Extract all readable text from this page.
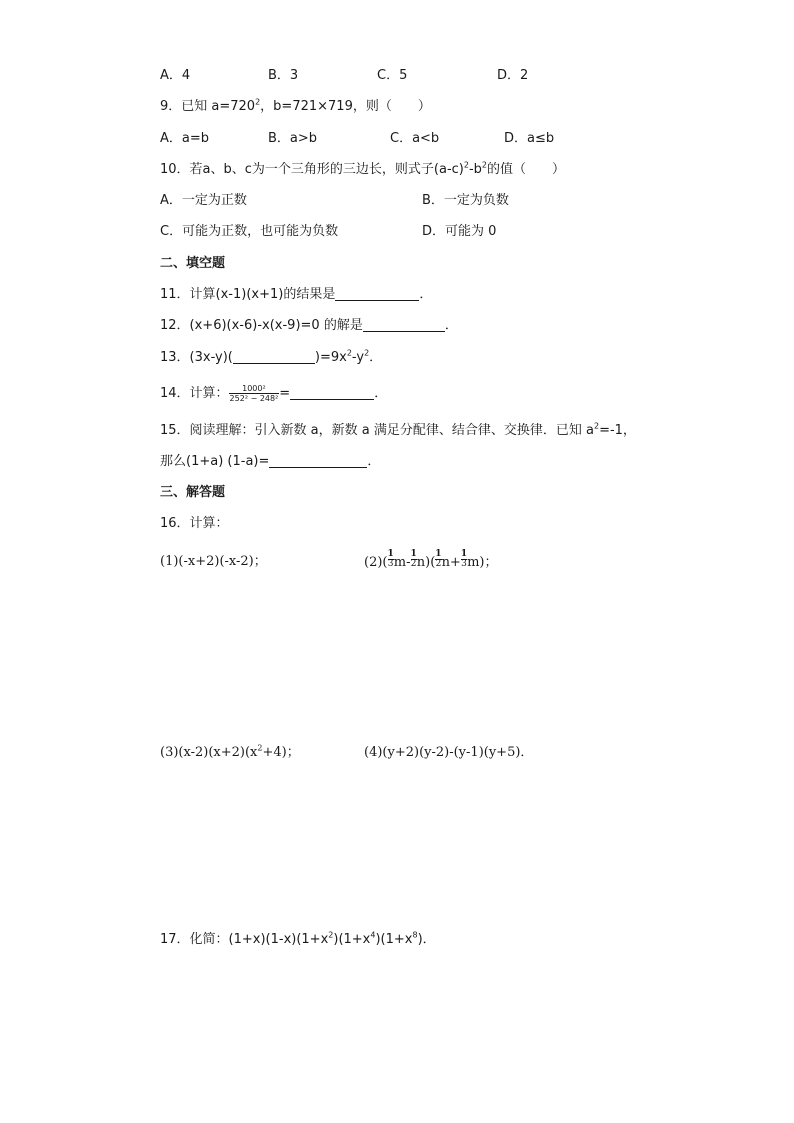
A．4	B．3	C．5	D．2
9．已知 $a=720^2$，b=721×719，则（　　）
A．a=b	B．a>b	C．a<b	D．a≤b
10．若a、b、c为一个三角形的三边长，则式子$(a-c)^2-b^2$的值（　　）
A．一定为正数	B．一定为负数
C．可能为正数，也可能为负数	D．可能为 0
二、填空题
11．计算(x-1)(x+1)的结果是	．
12．(x+6)(x-6)-x(x-9)=0 的解是	．
13．(3x-y)(	)$=9x^2-y^2$．
14．计算： $\frac{\text{1000²}}{\text{252² − 248²}}$ =	．
15．阅读理解：引入新数 a，新数 a 满足分配律、结合律、交换律．已知 $a^2=-1$，
那么(1+a) (1-a)=	．
三、解答题
16．计算：
(1)(-x+2)(-x-2)；	$(2)( \frac{1}{3} m- \frac{1}{2} n)( \frac{1}{2} n+ \frac{1}{3} m)$；
$(3)(x-2)(x+2)(x^2+4)$；	(4)(y+2)(y-2)-(y-1)(y+5)．
17．化简：$(1+x)(1-x)(1+x^2)(1+x^4)(1+x^8)$．
